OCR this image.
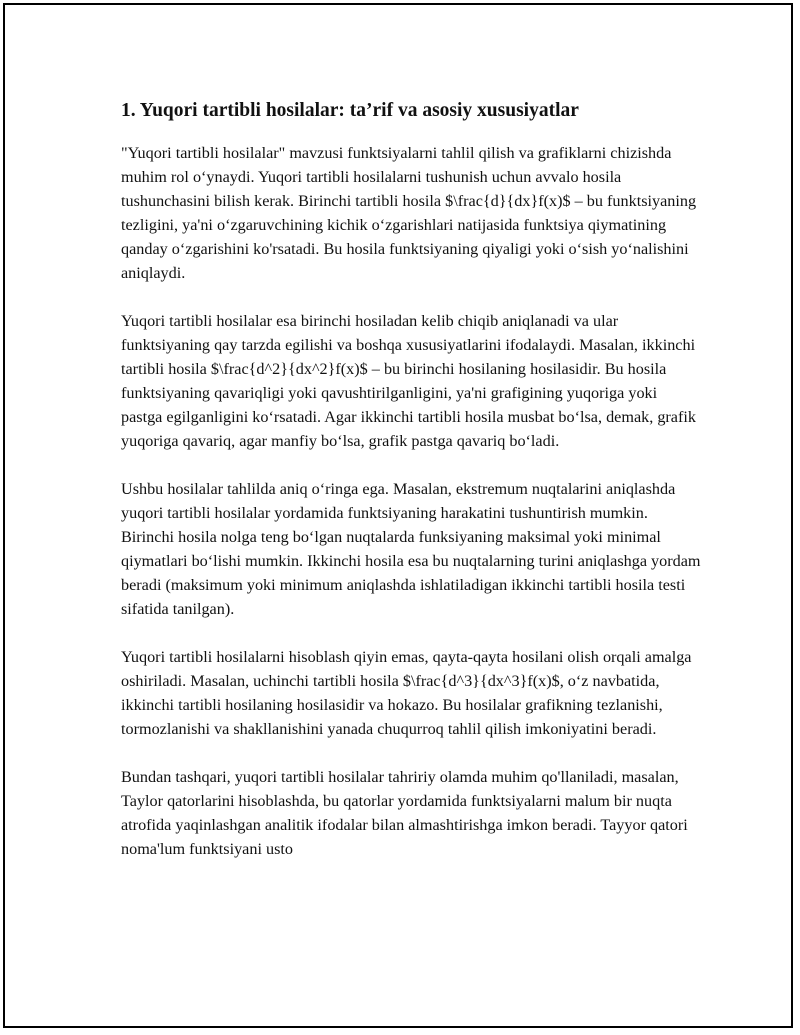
1. Yuqori tartibli hosilalar: ta’rif va asosiy xususiyatlar

"Yuqori tartibli hosilalar" mavzusi funktsiyalarni tahlil qilish va grafiklarni chizishda muhim rol o‘ynaydi. Yuqori tartibli hosilalarni tushunish uchun avvalo hosila tushunchasini bilish kerak. Birinchi tartibli hosila $\frac{d}{dx}f(x)$ – bu funktsiyaning tezligini, ya'ni o‘zgaruvchining kichik o‘zgarishlari natijasida funktsiya qiymatining qanday o‘zgarishini ko'rsatadi. Bu hosila funktsiyaning qiyaligi yoki o‘sish yo‘nalishini aniqlaydi.

Yuqori tartibli hosilalar esa birinchi hosiladan kelib chiqib aniqlanadi va ular funktsiyaning qay tarzda egilishi va boshqa xususiyatlarini ifodalaydi. Masalan, ikkinchi tartibli hosila $\frac{d^2}{dx^2}f(x)$ – bu birinchi hosilaning hosilasidir. Bu hosila funktsiyaning qavariqligi yoki qavushtirilganligini, ya'ni grafigining yuqoriga yoki pastga egilganligini ko‘rsatadi. Agar ikkinchi tartibli hosila musbat bo‘lsa, demak, grafik yuqoriga qavariq, agar manfiy bo‘lsa, grafik pastga qavariq bo‘ladi.

Ushbu hosilalar tahlilda aniq o‘ringa ega. Masalan, ekstremum nuqtalarini aniqlashda yuqori tartibli hosilalar yordamida funktsiyaning harakatini tushuntirish mumkin. Birinchi hosila nolga teng bo‘lgan nuqtalarda funksiyaning maksimal yoki minimal qiymatlari bo‘lishi mumkin. Ikkinchi hosila esa bu nuqtalarning turini aniqlashga yordam beradi (maksimum yoki minimum aniqlashda ishlatiladigan ikkinchi tartibli hosila testi sifatida tanilgan).

Yuqori tartibli hosilalarni hisoblash qiyin emas, qayta-qayta hosilani olish orqali amalga oshiriladi. Masalan, uchinchi tartibli hosila $\frac{d^3}{dx^3}f(x)$, o‘z navbatida, ikkinchi tartibli hosilaning hosilasidir va hokazo. Bu hosilalar grafikning tezlanishi, tormozlanishi va shakllanishini yanada chuqurroq tahlil qilish imkoniyatini beradi.

Bundan tashqari, yuqori tartibli hosilalar tahririy olamda muhim qo'llaniladi, masalan, Taylor qatorlarini hisoblashda, bu qatorlar yordamida funktsiyalarni malum bir nuqta atrofida yaqinlashgan analitik ifodalar bilan almashtirishga imkon beradi. Tayyor qatori noma'lum funktsiyani usto
